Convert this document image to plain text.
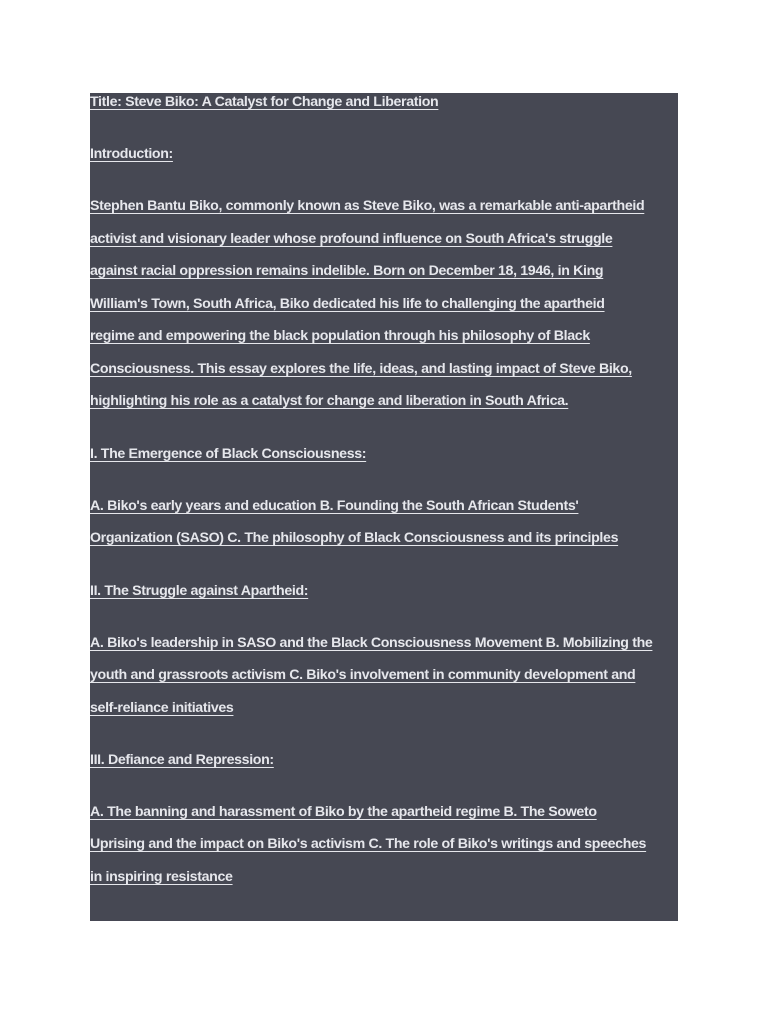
Title: Steve Biko: A Catalyst for Change and Liberation

Introduction:

Stephen Bantu Biko, commonly known as Steve Biko, was a remarkable anti-apartheid

activist and visionary leader whose profound influence on South Africa's struggle

against racial oppression remains indelible. Born on December 18, 1946, in King

William's Town, South Africa, Biko dedicated his life to challenging the apartheid

regime and empowering the black population through his philosophy of Black

Consciousness. This essay explores the life, ideas, and lasting impact of Steve Biko,

highlighting his role as a catalyst for change and liberation in South Africa.

I. The Emergence of Black Consciousness:

A. Biko's early years and education B. Founding the South African Students'

Organization (SASO) C. The philosophy of Black Consciousness and its principles

II. The Struggle against Apartheid:

A. Biko's leadership in SASO and the Black Consciousness Movement B. Mobilizing the

youth and grassroots activism C. Biko's involvement in community development and

self-reliance initiatives

III. Defiance and Repression:

A. The banning and harassment of Biko by the apartheid regime B. The Soweto

Uprising and the impact on Biko's activism C. The role of Biko's writings and speeches

in inspiring resistance
